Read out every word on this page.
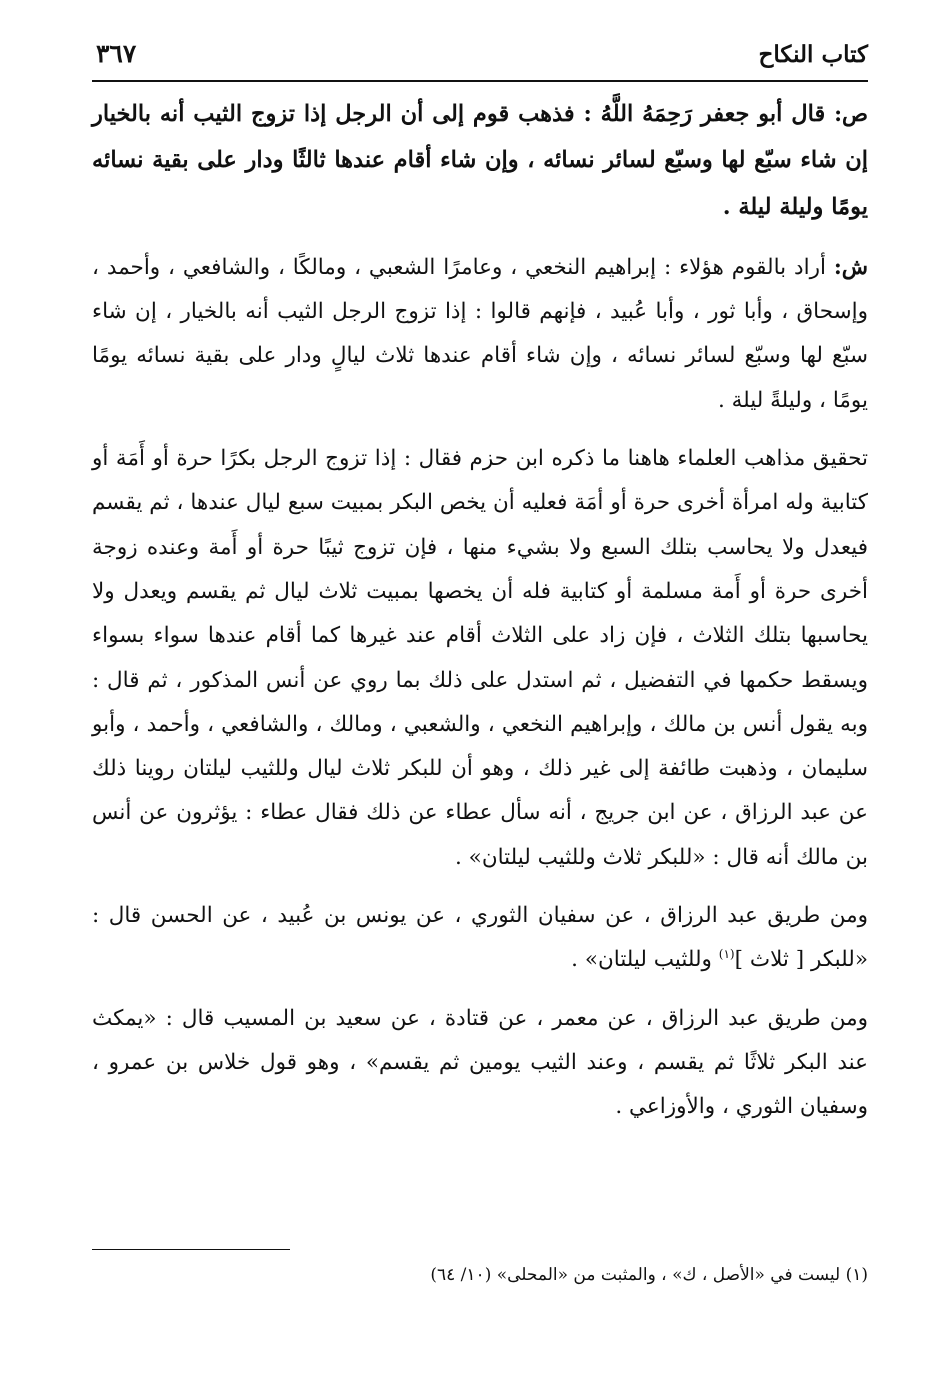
كتاب النكاح
٣٦٧

ص: قال أبو جعفر رَحِمَهُ اللَّهُ : فذهب قوم إلى أن الرجل إذا تزوج الثيب أنه بالخيار إن شاء سبّع لها وسبّع لسائر نسائه ، وإن شاء أقام عندها ثالثًا ودار على بقية نسائه يومًا وليلة ليلة .

ش: أراد بالقوم هؤلاء : إبراهيم النخعي ، وعامرًا الشعبي ، ومالكًا ، والشافعي ، وأحمد ، وإسحاق ، وأبا ثور ، وأبا عُبيد ، فإنهم قالوا : إذا تزوج الرجل الثيب أنه بالخيار ، إن شاء سبّع لها وسبّع لسائر نسائه ، وإن شاء أقام عندها ثلاث ليالٍ ودار على بقية نسائه يومًا يومًا ، وليلةً ليلة .

تحقيق مذاهب العلماء هاهنا ما ذكره ابن حزم فقال : إذا تزوج الرجل بكرًا حرة أو أَمَة أو كتابية وله امرأة أخرى حرة أو أمَة فعليه أن يخص البكر بمبيت سبع ليال عندها ، ثم يقسم فيعدل ولا يحاسب بتلك السبع ولا بشيء منها ، فإن تزوج ثيبًا حرة أو أَمة وعنده زوجة أخرى حرة أو أَمة مسلمة أو كتابية فله أن يخصها بمبيت ثلاث ليال ثم يقسم ويعدل ولا يحاسبها بتلك الثلاث ، فإن زاد على الثلاث أقام عند غيرها كما أقام عندها سواء بسواء ويسقط حكمها في التفضيل ، ثم استدل على ذلك بما روي عن أنس المذكور ، ثم قال : وبه يقول أنس بن مالك ، وإبراهيم النخعي ، والشعبي ، ومالك ، والشافعي ، وأحمد ، وأبو سليمان ، وذهبت طائفة إلى غير ذلك ، وهو أن للبكر ثلاث ليال وللثيب ليلتان روينا ذلك عن عبد الرزاق ، عن ابن جريج ، أنه سأل عطاء عن ذلك فقال عطاء : يؤثرون عن أنس بن مالك أنه قال : «للبكر ثلاث وللثيب ليلتان» .

ومن طريق عبد الرزاق ، عن سفيان الثوري ، عن يونس بن عُبيد ، عن الحسن قال : «للبكر [ ثلاث ]$^{(١)}$ وللثيب ليلتان» .

ومن طريق عبد الرزاق ، عن معمر ، عن قتادة ، عن سعيد بن المسيب قال : «يمكث عند البكر ثلاثًا ثم يقسم ، وعند الثيب يومين ثم يقسم» ، وهو قول خلاس بن عمرو ، وسفيان الثوري ، والأوزاعي .

(١) ليست في «الأصل ، ك» ، والمثبت من «المحلى» (١٠/ ٦٤)
